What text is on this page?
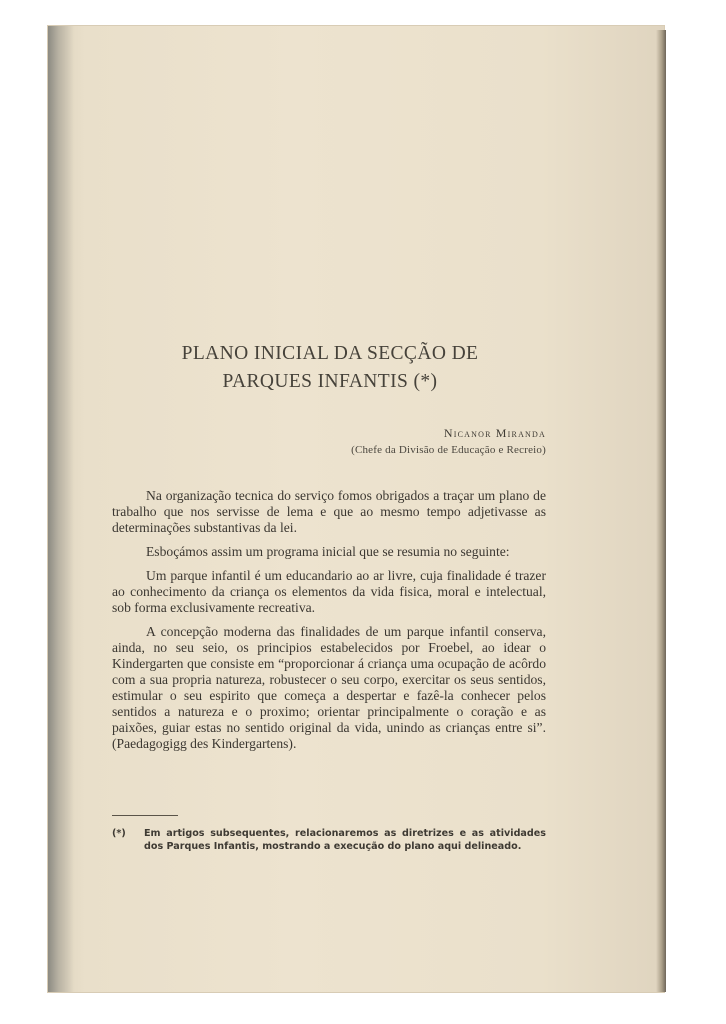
PLANO INICIAL DA SECÇÃO DE
PARQUES INFANTIS (*)
Nicanor Miranda
(Chefe da Divisão de Educação e Recreio)

Na organização tecnica do serviço fomos obrigados a traçar um plano de trabalho que nos servisse de lema e que ao mesmo tempo adjetivasse as determinações substantivas da lei.

Esboçámos assim um programa inicial que se resumia no seguinte:

Um parque infantil é um educandario ao ar livre, cuja finalidade é trazer ao conhecimento da criança os elementos da vida fisica, moral e intelectual, sob forma exclusivamente recreativa.

A concepção moderna das finalidades de um parque infantil conserva, ainda, no seu seio, os principios estabelecidos por Froebel, ao idear o Kindergarten que consiste em “proporcionar á criança uma ocupação de acôrdo com a sua propria natureza, robustecer o seu corpo, exercitar os seus sentidos, estimular o seu espirito que começa a despertar e fazê-la conhecer pelos sentidos a natureza e o proximo; orientar principalmente o coração e as paixões, guiar estas no sentido original da vida, unindo as crianças entre si”. (Paedagogigg des Kindergartens).

(*)	Em artigos subsequentes, relacionaremos as diretrizes e as atividades dos Parques Infantis, mostrando a execução do plano aqui delineado.
